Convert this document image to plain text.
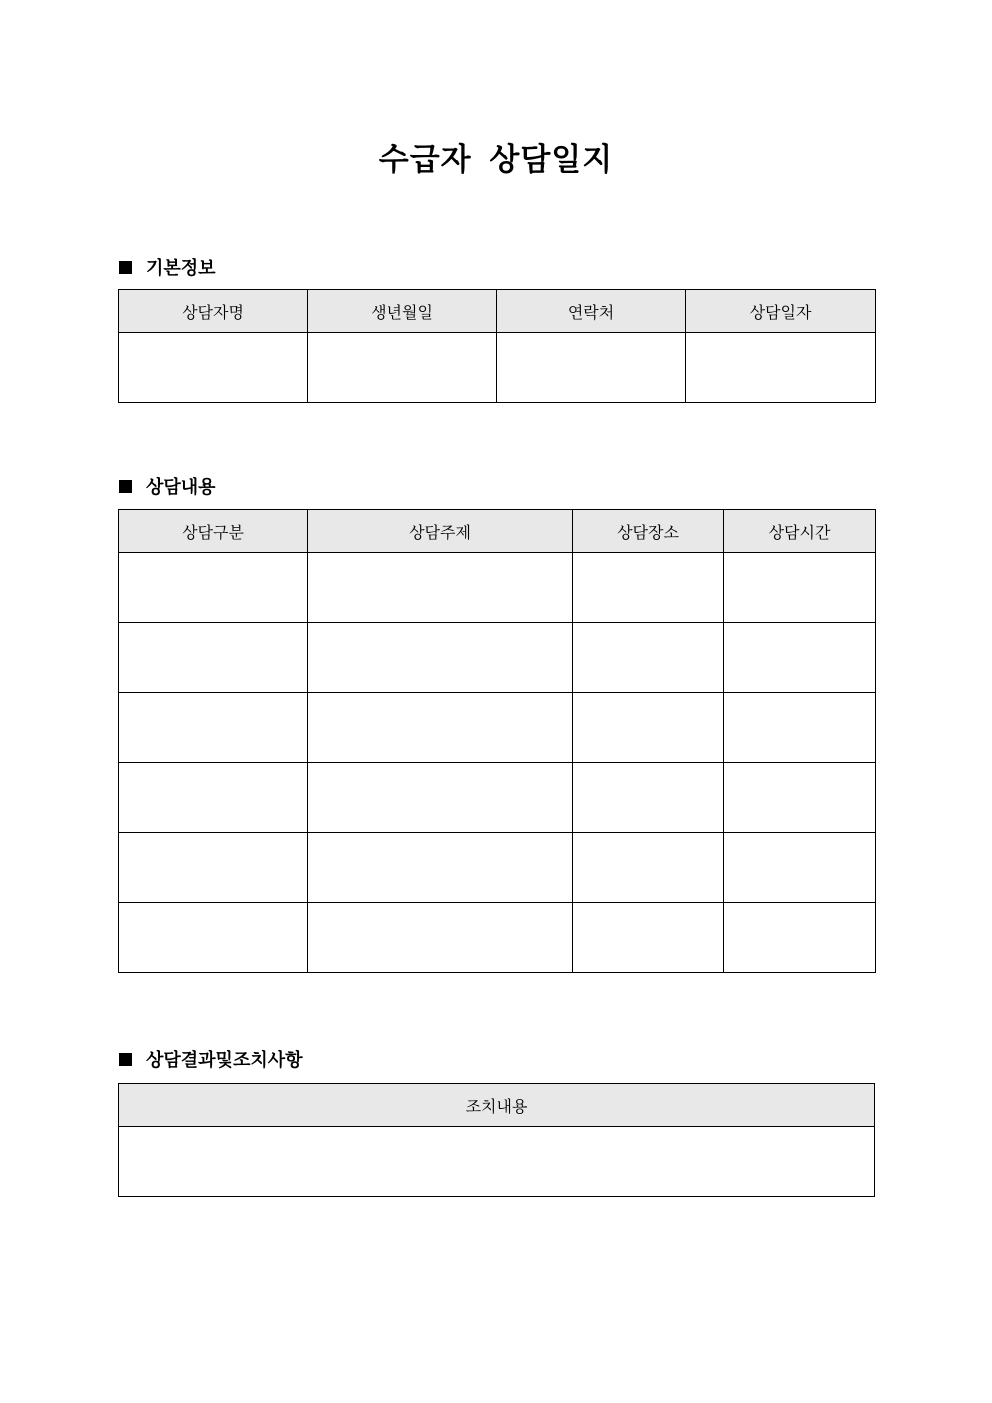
수급자 상담일지
기본정보
상담자명	생년월일	연락처	상담일자

상담내용
상담구분	상담주제	상담장소	상담시간

상담결과및조치사항
조치내용
